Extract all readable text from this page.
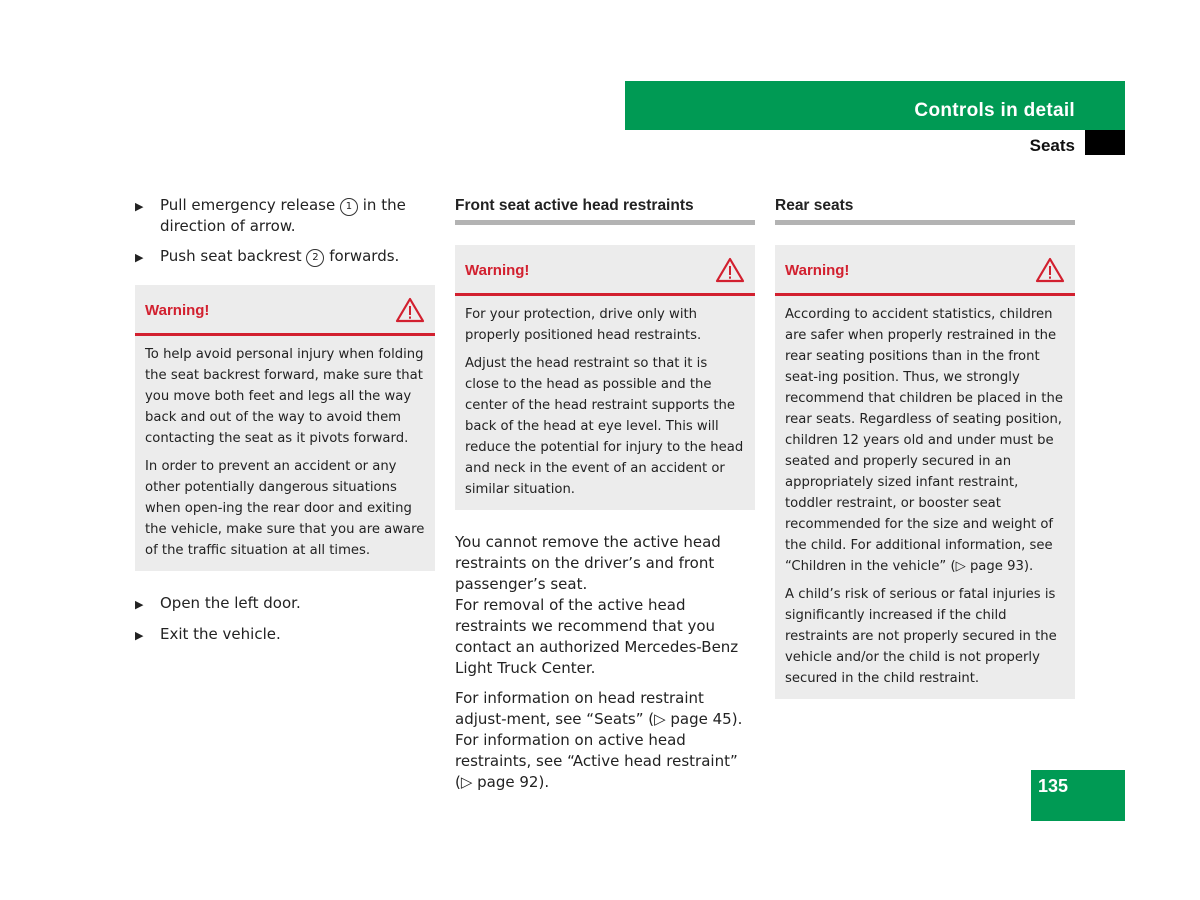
Controls in detail
Seats
▶	Pull emergency release 1 in the direction of arrow.
▶	Push seat backrest 2 forwards.
Warning!

To help avoid personal injury when folding the seat backrest forward, make sure that you move both feet and legs all the way back and out of the way to avoid them contacting the seat as it pivots forward.

In order to prevent an accident or any other potentially dangerous situations when open-ing the rear door and exiting the vehicle, make sure that you are aware of the traffic situation at all times.

▶	Open the left door.
▶	Exit the vehicle.
Front seat active head restraints
Warning!

For your protection, drive only with properly positioned head restraints.

Adjust the head restraint so that it is close to the head as possible and the center of the head restraint supports the back of the head at eye level. This will reduce the potential for injury to the head and neck in the event of an accident or similar situation.

You cannot remove the active head restraints on the driver’s and front passenger’s seat.
For removal of the active head restraints we recommend that you contact an authorized Mercedes-Benz Light Truck Center.
For information on head restraint adjust-ment, see “Seats” (▷ page 45).
For information on active head restraints, see “Active head restraint” (▷ page 92).
Rear seats
Warning!

According to accident statistics, children are safer when properly restrained in the rear seating positions than in the front seat-ing position. Thus, we strongly recommend that children be placed in the rear seats. Regardless of seating position, children 12 years old and under must be seated and properly secured in an appropriately sized infant restraint, toddler restraint, or booster seat recommended for the size and weight of the child. For additional information, see “Children in the vehicle” (▷ page 93).

A child’s risk of serious or fatal injuries is significantly increased if the child restraints are not properly secured in the vehicle and/or the child is not properly secured in the child restraint.

135
